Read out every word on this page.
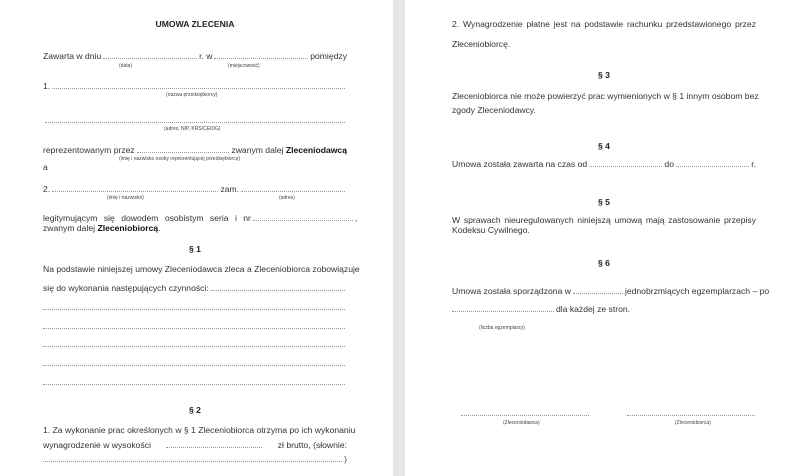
UMOWA ZLECENIA
Zawarta w dniu	r. w	pomiędzy
(data)	(miejscowość)
1.
(nazwa przedsiębiorcy)
(adres, NIP, KRS/CEIDG)
reprezentowanym przez	zwanym dalej
Zleceniodawcą
(imię i nazwisko osoby reprezentującej przedsiębiorcę)
a
2.	zam.
(imię i nazwisko)	(adres)
legitymującym się dowodem osobistym seria i nr	,
zwanym dalej
Zleceniobiorcą .
§ 1
Na podstawie niniejszej umowy Zleceniodawca zleca a Zleceniobiorca zobowiązuje
się do wykonania następujących czynności:
§ 2
1. Za wykonanie prac określonych w § 1 Zleceniobiorca otrzyma po ich wykonaniu
wynagrodzenie w wysokości	zł brutto, (słownie:
)
2. Wynagrodzenie płatne jest na podstawie rachunku przedstawionego przez
Zleceniobiorcę.
§ 3
Zleceniobiorca nie może powierzyć prac wymienionych w § 1 innym osobom bez
zgody Zleceniodawcy.
§ 4
Umowa została zawarta na czas od	do	r.
§ 5
W sprawach nieuregulowanych niniejszą umową mają zastosowanie przepisy
Kodeksu Cywilnego.
§ 6
Umowa została sporządzona w	jednobrzmiących egzemplarzach – po
dla każdej ze stron.
(liczba egzemplarzy)
(Zleceniodawca)	(Zleceniobiorca)
